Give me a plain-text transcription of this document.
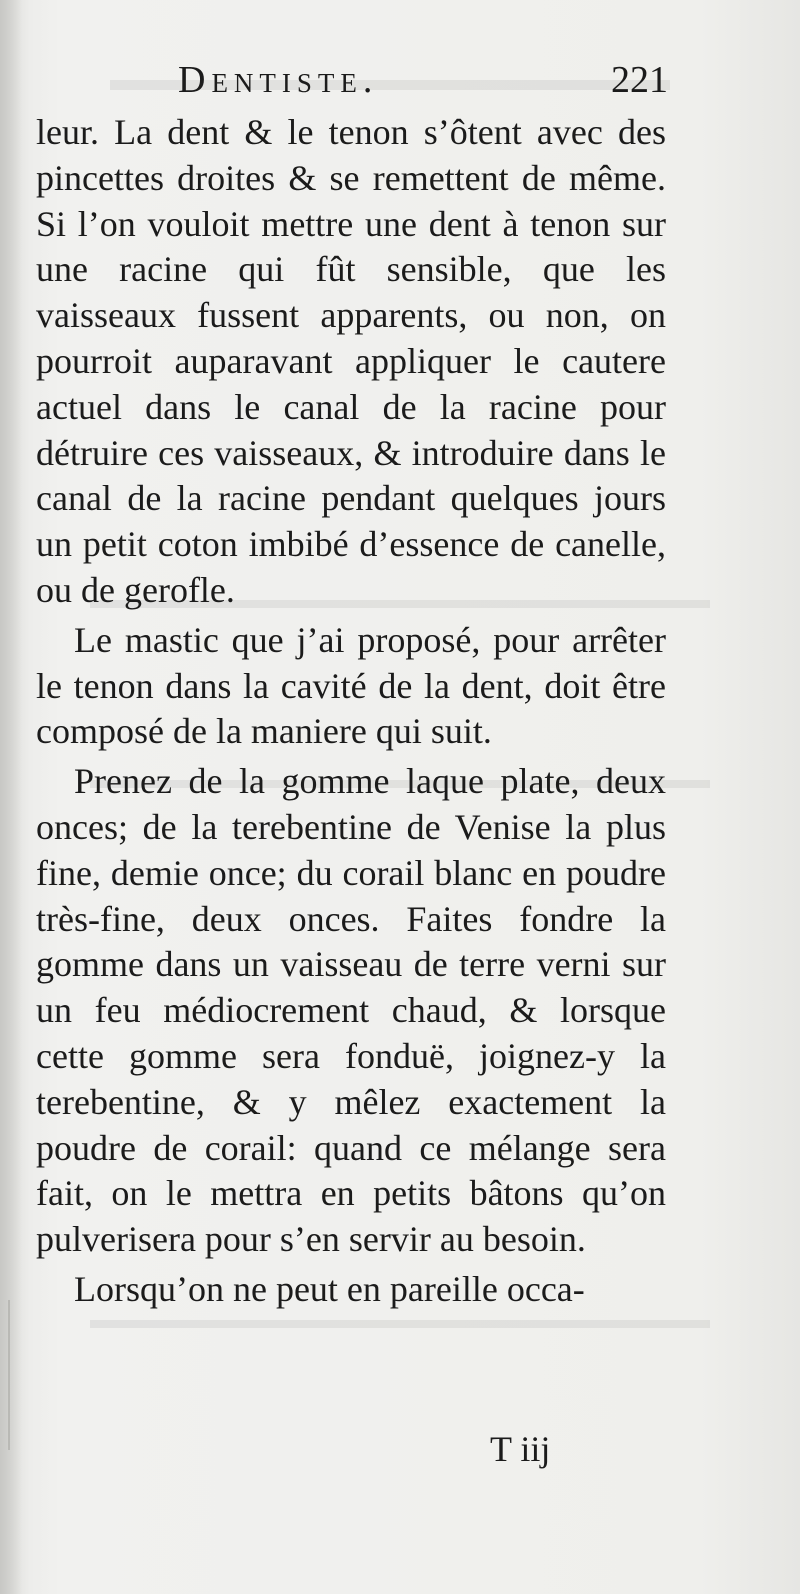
Dentiste.	221

leur. La dent & le tenon s’ôtent avec des pincettes droites & se remettent de même. Si l’on vouloit mettre une dent à tenon sur une racine qui fût sensible, que les vaisseaux fussent apparents, ou non, on pourroit auparavant appliquer le cautere actuel dans le canal de la racine pour détruire ces vaisseaux, & introduire dans le canal de la racine pendant quelques jours un petit coton imbibé d’essence de canelle, ou de gerofle.

Le mastic que j’ai proposé, pour arrêter le tenon dans la cavité de la dent, doit être composé de la maniere qui suit.

Prenez de la gomme laque plate, deux onces; de la terebentine de Venise la plus fine, demie once; du corail blanc en poudre très-fine, deux onces. Faites fondre la gomme dans un vaisseau de terre verni sur un feu médiocrement chaud, & lorsque cette gomme sera fonduë, joignez-y la terebentine, & y mêlez exactement la poudre de corail: quand ce mélange sera fait, on le mettra en petits bâtons qu’on pulverisera pour s’en servir au besoin.

Lorsqu’on ne peut en pareille occa-

T iij
